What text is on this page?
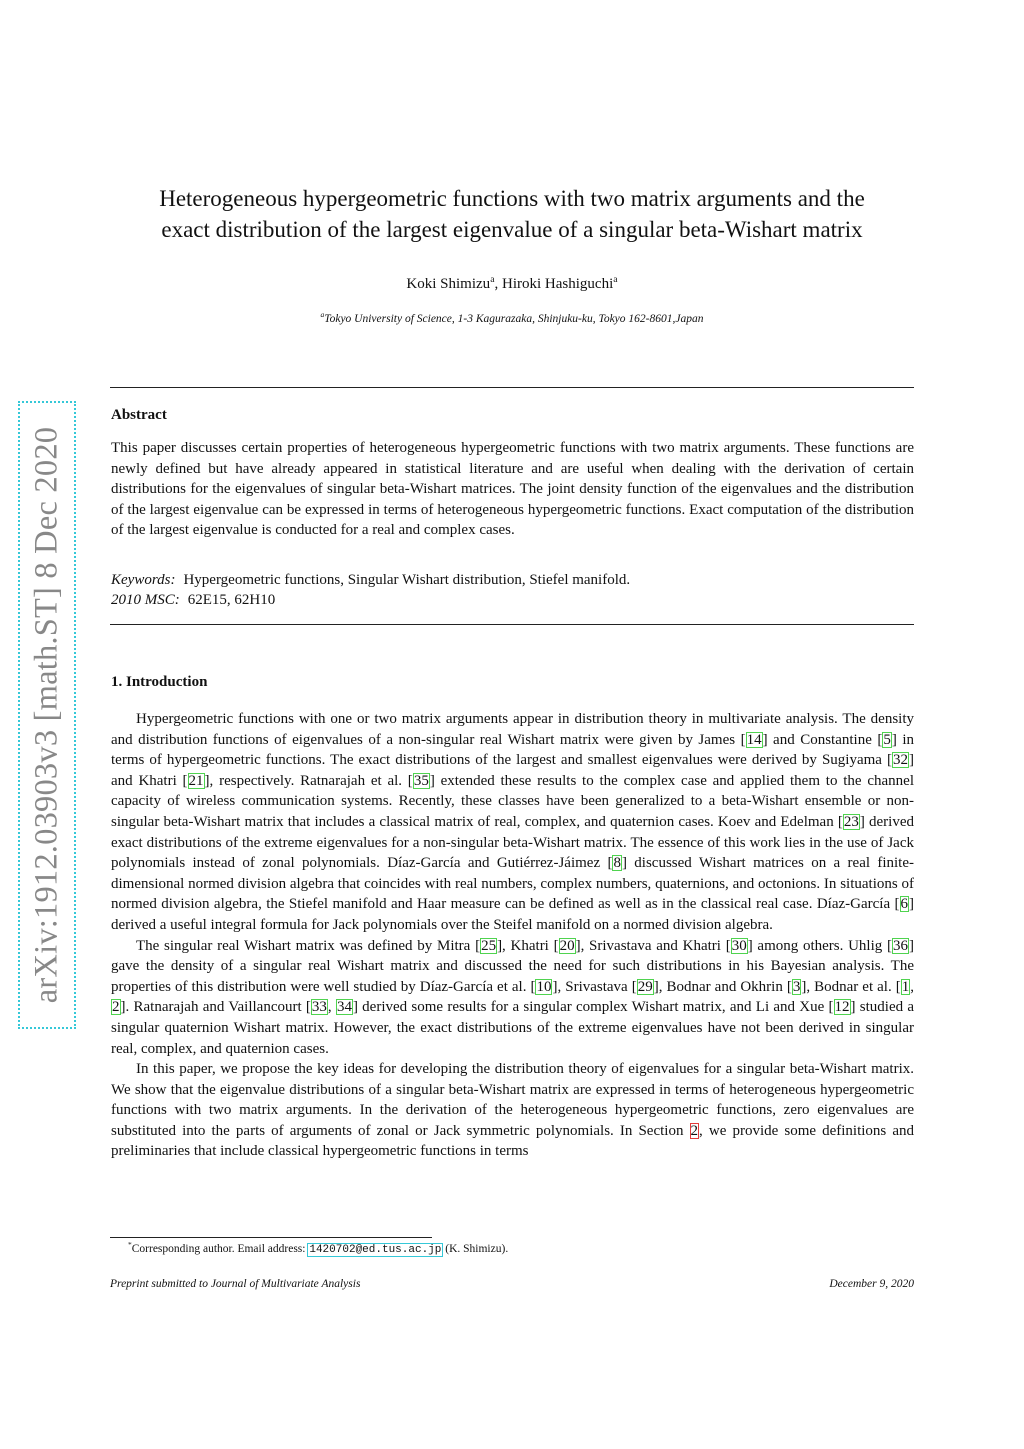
arXiv:1912.03903v3 [math.ST] 8 Dec 2020
Heterogeneous hypergeometric functions with two matrix arguments and the
exact distribution of the largest eigenvalue of a singular beta-Wishart matrix
Koki Shimizu$^a$, Hiroki Hashiguchi$^a$
$^a$Tokyo University of Science, 1-3 Kagurazaka, Shinjuku-ku, Tokyo 162-8601,Japan
Abstract

This paper discusses certain properties of heterogeneous hypergeometric functions with two matrix arguments. These functions are newly defined but have already appeared in statistical literature and are useful when dealing with the derivation of certain distributions for the eigenvalues of singular beta-Wishart matrices. The joint density function of the eigenvalues and the distribution of the largest eigenvalue can be expressed in terms of heterogeneous hypergeometric functions. Exact computation of the distribution of the largest eigenvalue is conducted for a real and complex cases.

Keywords: Hypergeometric functions, Singular Wishart distribution, Stiefel manifold.
2010 MSC: 62E15, 62H10
1. Introduction

Hypergeometric functions with one or two matrix arguments appear in distribution theory in multivariate analysis. The density and distribution functions of eigenvalues of a non-singular real Wishart matrix were given by James [14] and Constantine [5] in terms of hypergeometric functions. The exact distributions of the largest and smallest eigenvalues were derived by Sugiyama [32] and Khatri [21], respectively. Ratnarajah et al. [35] extended these results to the complex case and applied them to the channel capacity of wireless communication systems. Recently, these classes have been generalized to a beta-Wishart ensemble or non-singular beta-Wishart matrix that includes a classical matrix of real, complex, and quaternion cases. Koev and Edelman [23] derived exact distributions of the extreme eigenvalues for a non-singular beta-Wishart matrix. The essence of this work lies in the use of Jack polynomials instead of zonal polynomials. Díaz-García and Gutiérrez-Jáimez [8] discussed Wishart matrices on a real finite-dimensional normed division algebra that coincides with real numbers, complex numbers, quaternions, and octonions. In situations of normed division algebra, the Stiefel manifold and Haar measure can be defined as well as in the classical real case. Díaz-García [6] derived a useful integral formula for Jack polynomials over the Steifel manifold on a normed division algebra.

The singular real Wishart matrix was defined by Mitra [25], Khatri [20], Srivastava and Khatri [30] among others. Uhlig [36] gave the density of a singular real Wishart matrix and discussed the need for such distributions in his Bayesian analysis. The properties of this distribution were well studied by Díaz-García et al. [10], Srivastava [29], Bodnar and Okhrin [3], Bodnar et al. [1, 2]. Ratnarajah and Vaillancourt [33, 34] derived some results for a singular complex Wishart matrix, and Li and Xue [12] studied a singular quaternion Wishart matrix. However, the exact distributions of the extreme eigenvalues have not been derived in singular real, complex, and quaternion cases.

In this paper, we propose the key ideas for developing the distribution theory of eigenvalues for a singular beta-Wishart matrix. We show that the eigenvalue distributions of a singular beta-Wishart matrix are expressed in terms of heterogeneous hypergeometric functions with two matrix arguments. In the derivation of the heterogeneous hypergeometric functions, zero eigenvalues are substituted into the parts of arguments of zonal or Jack symmetric polynomials. In Section 2, we provide some definitions and preliminaries that include classical hypergeometric functions in terms

*Corresponding author. Email address: 1420702@ed.tus.ac.jp (K. Shimizu).
Preprint submitted to Journal of Multivariate Analysis	December 9, 2020
